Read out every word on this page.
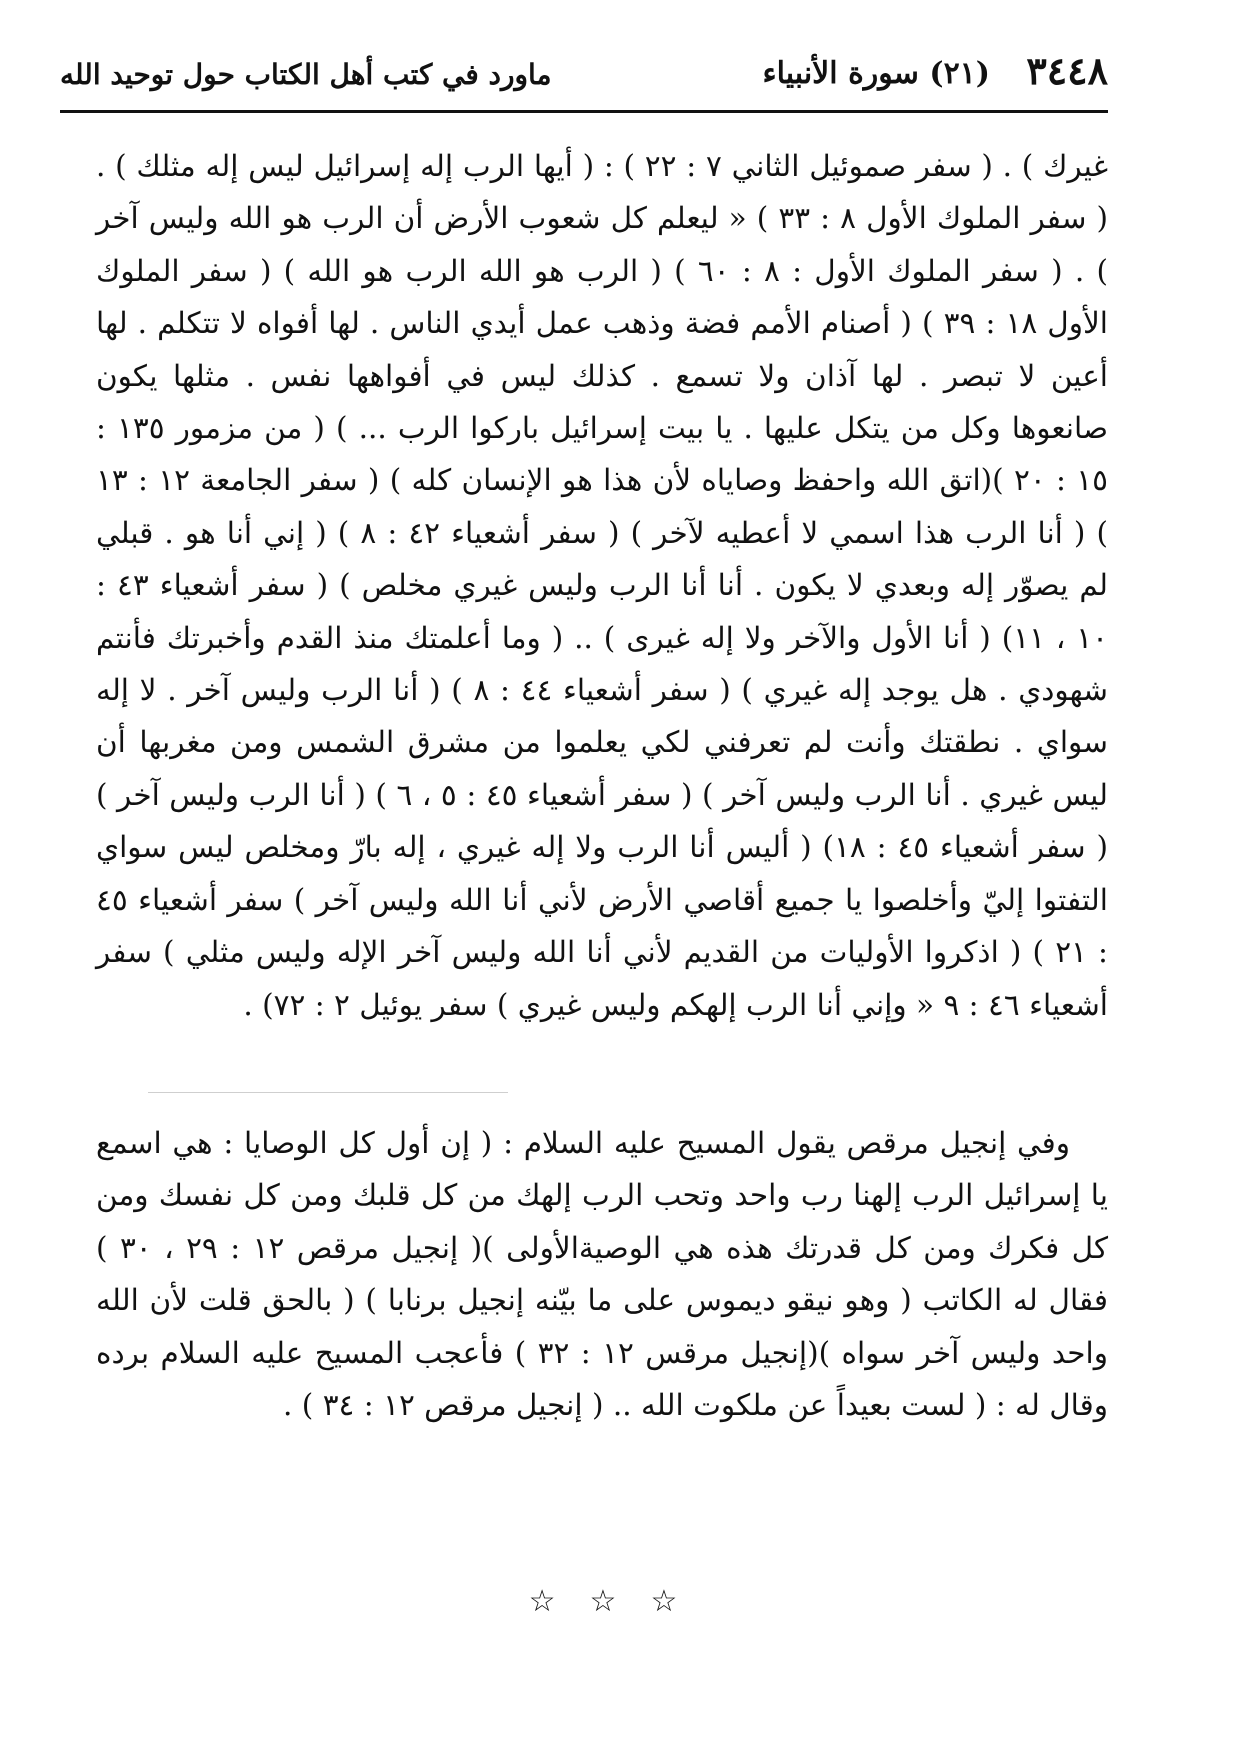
٣٤٤٨
(٢١) سورة الأنبياء
ماورد في كتب أهل الكتاب حول توحيد الله

غيرك ) . ( سفر صموئيل الثاني ٧ : ٢٢ ) : ( أيها الرب إله إسرائيل ليس إله مثلك ) . ( سفر الملوك الأول ٨ : ٣٣ ) « ليعلم كل شعوب الأرض أن الرب هو الله وليس آخر ) . ( سفر الملوك الأول : ٨ : ٦٠ ) ( الرب هو الله الرب هو الله ) ( سفر الملوك الأول ١٨ : ٣٩ ) ( أصنام الأمم فضة وذهب عمل أيدي الناس . لها أفواه لا تتكلم . لها أعين لا تبصر . لها آذان ولا تسمع . كذلك ليس في أفواهها نفس . مثلها يكون صانعوها وكل من يتكل عليها . يا بيت إسرائيل باركوا الرب ... ) ( من مزمور ١٣٥ : ١٥ : ٢٠ )(اتق الله واحفظ وصاياه لأن هذا هو الإنسان كله ) ( سفر الجامعة ١٢ : ١٣ ) ( أنا الرب هذا اسمي لا أعطيه لآخر ) ( سفر أشعياء ٤٢ : ٨ ) ( إني أنا هو . قبلي لم يصوّر إله وبعدي لا يكون . أنا أنا الرب وليس غيري مخلص ) ( سفر أشعياء ٤٣ : ١٠ ، ١١) ( أنا الأول والآخر ولا إله غيرى ) .. ( وما أعلمتك منذ القدم وأخبرتك فأنتم شهودي . هل يوجد إله غيري ) ( سفر أشعياء ٤٤ : ٨ ) ( أنا الرب وليس آخر . لا إله سواي . نطقتك وأنت لم تعرفني لكي يعلموا من مشرق الشمس ومن مغربها أن ليس غيري . أنا الرب وليس آخر ) ( سفر أشعياء ٤٥ : ٥ ، ٦ ) ( أنا الرب وليس آخر ) ( سفر أشعياء ٤٥ : ١٨) ( أليس أنا الرب ولا إله غيري ، إله بارّ ومخلص ليس سواي التفتوا إليّ وأخلصوا يا جميع أقاصي الأرض لأني أنا الله وليس آخر ) سفر أشعياء ٤٥ : ٢١ ) ( اذكروا الأوليات من القديم لأني أنا الله وليس آخر الإله وليس مثلي ) سفر أشعياء ٤٦ : ٩ « وإني أنا الرب إلهكم وليس غيري ) سفر يوئيل ٢ : ٧٢) .

وفي إنجيل مرقص يقول المسيح عليه السلام : ( إن أول كل الوصايا : هي اسمع يا إسرائيل الرب إلهنا رب واحد وتحب الرب إلهك من كل قلبك ومن كل نفسك ومن كل فكرك ومن كل قدرتك هذه هي الوصيةالأولى )( إنجيل مرقص ١٢ : ٢٩ ، ٣٠ ) فقال له الكاتب ( وهو نيقو ديموس على ما بيّنه إنجيل برنابا ) ( بالحق قلت لأن الله واحد وليس آخر سواه )(إنجيل مرقس ١٢ : ٣٢ ) فأعجب المسيح عليه السلام برده وقال له : ( لست بعيداً عن ملكوت الله .. ( إنجيل مرقص ١٢ : ٣٤ ) .

☆☆☆
